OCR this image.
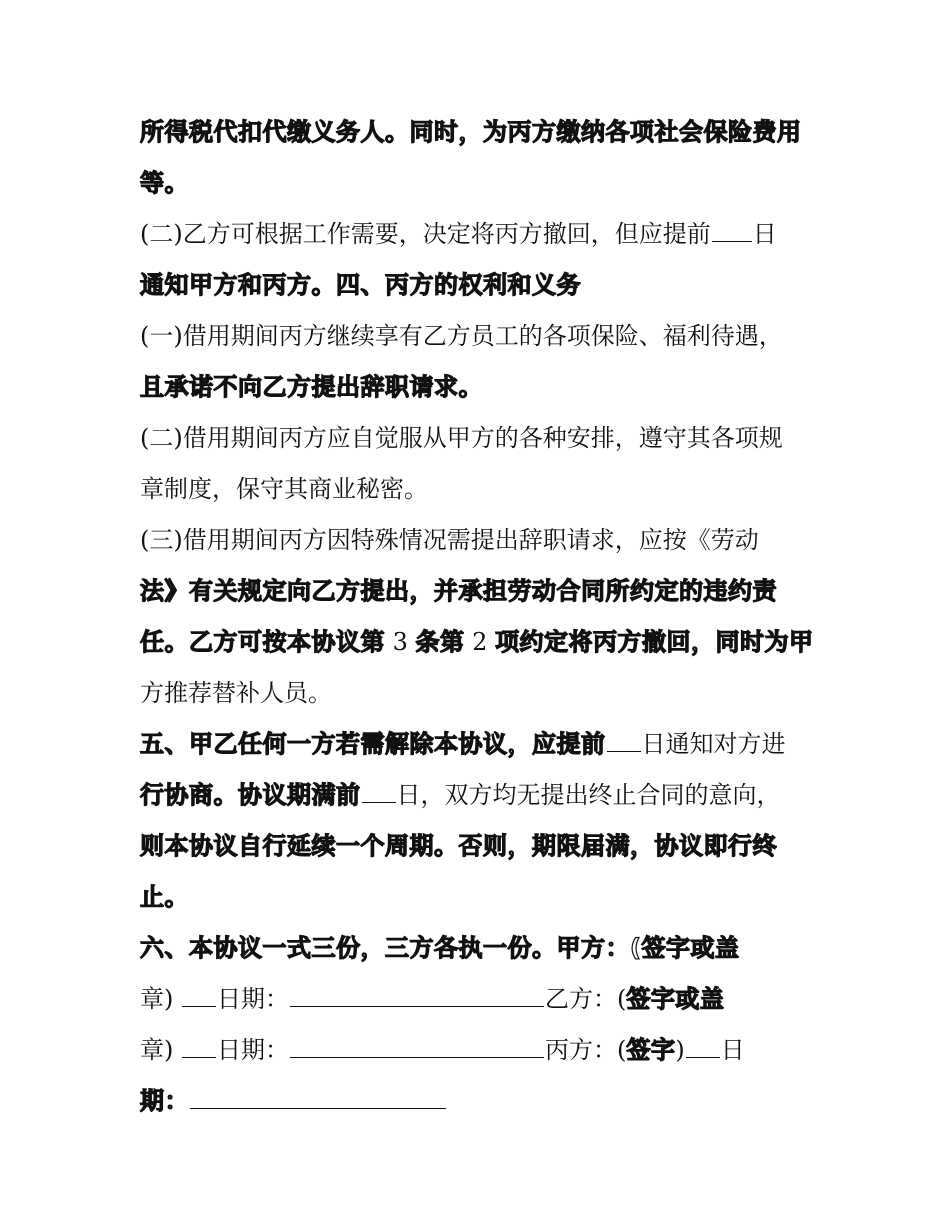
所得税代扣代缴义务人。同时，为丙方缴纳各项社会保险费用
等。
(二)乙方可根据工作需要，决定将丙方撤回，但应提前 日
通知甲方和丙方。四、丙方的权利和义务
(一)借用期间丙方继续享有乙方员工的各项保险、福利待遇，
且承诺不向乙方提出辞职请求。
(二)借用期间丙方应自觉服从甲方的各种安排，遵守其各项规
章制度，保守其商业秘密。
(三)借用期间丙方因特殊情况需提出辞职请求，应按《劳动
法》有关规定向乙方提出，并承担劳动合同所约定的违约责
任。乙方可按本协议第 3 条第 2 项约定将丙方撤回，同时为甲
方推荐替补人员。
五、甲乙任何一方若需解除本协议，应提前 日通知对方进
行协商。协议期满前 日，双方均无提出终止合同的意向，
则本协议自行延续一个周期。否则，期限届满，协议即行终
止。
六、本协议一式三份，三方各执一份。甲方：(签字或盖
章) 日期：	乙方：(签字或盖
章) 日期：	丙方：(签字) 日
期：
